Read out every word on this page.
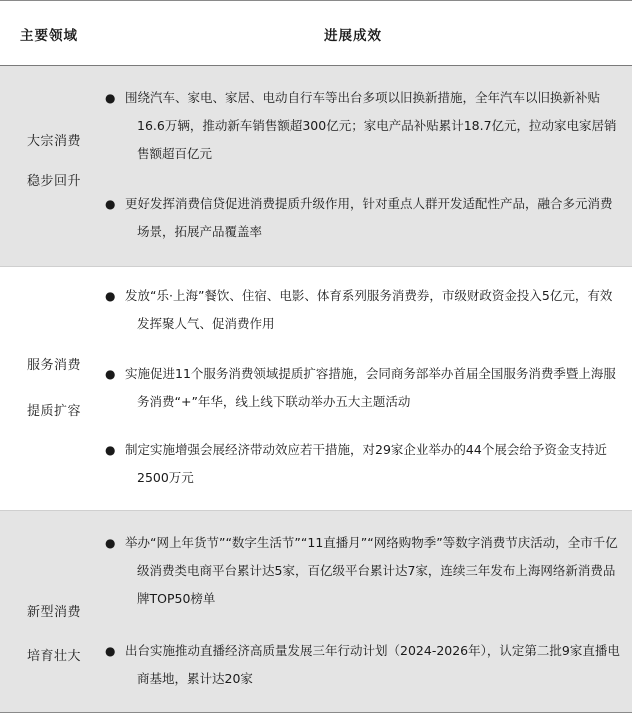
主要领域	进展成效
大宗消费
稳步回升
● 围绕汽车、家电、家居、电动自行车等出台多项以旧换新措施，全年汽车以旧换新补贴16.6万辆，推动新车销售额超300亿元；家电产品补贴累计18.7亿元，拉动家电家居销售额超百亿元
● 更好发挥消费信贷促进消费提质升级作用，针对重点人群开发适配性产品，融合多元消费场景，拓展产品覆盖率
服务消费
提质扩容
● 发放“乐·上海”餐饮、住宿、电影、体育系列服务消费券，市级财政资金投入5亿元，有效发挥聚人气、促消费作用
● 实施促进11个服务消费领域提质扩容措施，会同商务部举办首届全国服务消费季暨上海服务消费“+”年华，线上线下联动举办五大主题活动
● 制定实施增强会展经济带动效应若干措施，对29家企业举办的44个展会给予资金支持近2500万元
新型消费
培育壮大
● 举办“网上年货节”“数字生活节”“11直播月”“网络购物季”等数字消费节庆活动，全市千亿级消费类电商平台累计达5家，百亿级平台累计达7家，连续三年发布上海网络新消费品牌TOP50榜单
● 出台实施推动直播经济高质量发展三年行动计划（2024-2026年），认定第二批9家直播电商基地，累计达20家
